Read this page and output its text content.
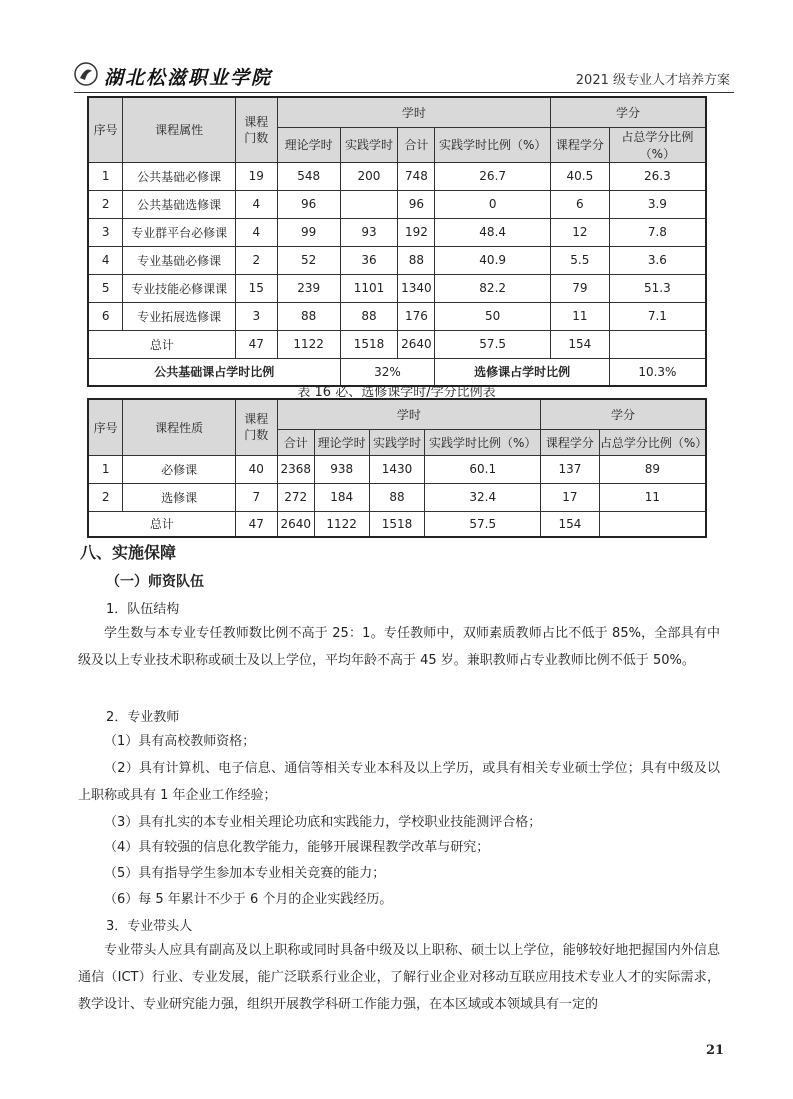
湖北松滋职业学院	2021 级专业人才培养方案
序号	课程属性	课程门数	学时				学分	
			理论学时	实践学时	合计	实践学时比例（%）	课程学分	占总学分比例（%）
1	公共基础必修课	19	548	200	748	26.7	40.5	26.3
2	公共基础选修课	4	96		96	0	6	3.9
3	专业群平台必修课	4	99	93	192	48.4	12	7.8
4	专业基础必修课	2	52	36	88	40.9	5.5	3.6
5	专业技能必修课课	15	239	1101	1340	82.2	79	51.3
6	专业拓展选修课	3	88	88	176	50	11	7.1
总计		47	1122	1518	2640	57.5	154	
公共基础课占学时比例				32%		选修课占学时比例		10.3%
表 16 必、选修课学时/学分比例表
序号	课程性质	课程门数	学时				学分	
			合计	理论学时	实践学时	实践学时比例（%）	课程学分	占总学分比例（%）
1	必修课	40	2368	938	1430	60.1	137	89
2	选修课	7	272	184	88	32.4	17	11
总计		47	2640	1122	1518	57.5	154	
八、实施保障
（一）师资队伍
1．队伍结构
学生数与本专业专任教师数比例不高于 25：1。专任教师中，双师素质教师占比不低于 85%，全部具有中级及以上专业技术职称或硕士及以上学位，平均年龄不高于 45 岁。兼职教师占专业教师比例不低于 50%。
2．专业教师
（1）具有高校教师资格；
（2）具有计算机、电子信息、通信等相关专业本科及以上学历，或具有相关专业硕士学位；具有中级及以上职称或具有 1 年企业工作经验；
（3）具有扎实的本专业相关理论功底和实践能力，学校职业技能测评合格；
（4）具有较强的信息化教学能力，能够开展课程教学改革与研究；
（5）具有指导学生参加本专业相关竞赛的能力；
（6）每 5 年累计不少于 6 个月的企业实践经历。
3．专业带头人
专业带头人应具有副高及以上职称或同时具备中级及以上职称、硕士以上学位，能够较好地把握国内外信息通信（ICT）行业、专业发展，能广泛联系行业企业，了解行业企业对移动互联应用技术专业人才的实际需求，教学设计、专业研究能力强，组织开展教学科研工作能力强，在本区域或本领域具有一定的
21
